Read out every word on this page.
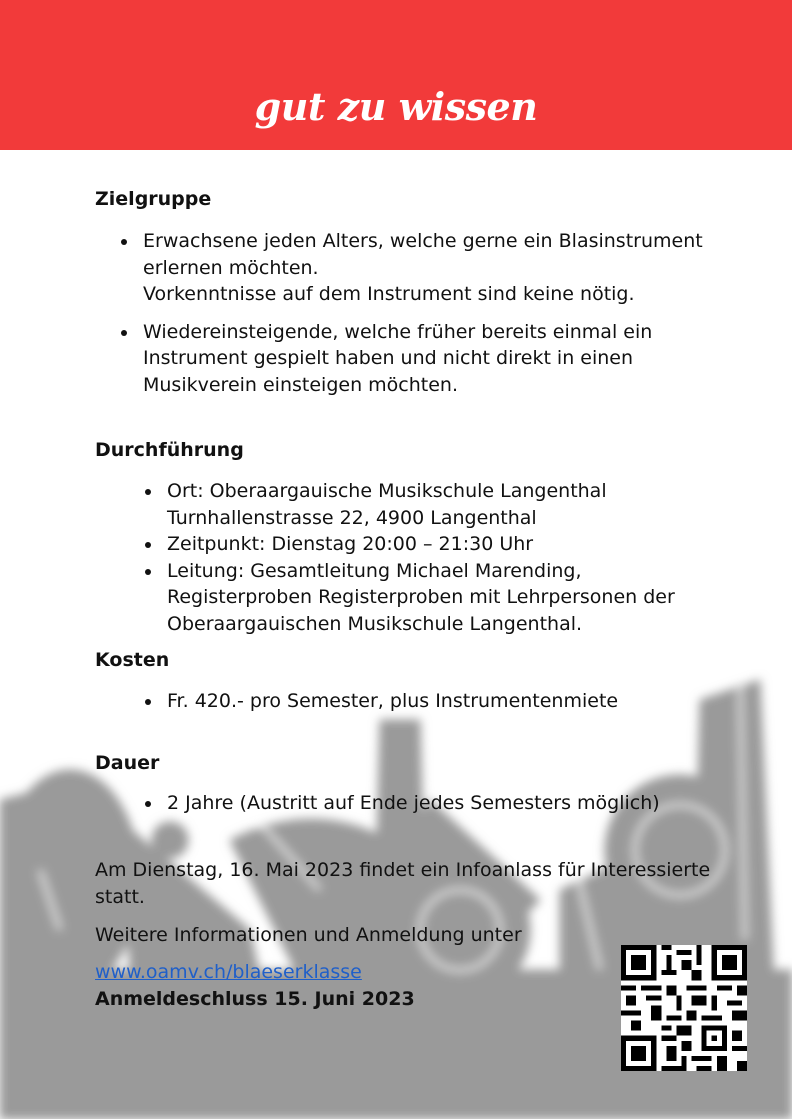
gut zu wissen

Zielgruppe

Erwachsene jeden Alters, welche gerne ein Blasinstrument
erlernen möchten.
Vorkenntnisse auf dem Instrument sind keine nötig.
Wiedereinsteigende, welche früher bereits einmal ein
Instrument gespielt haben und nicht direkt in einen
Musikverein einsteigen möchten.

Durchführung

Ort: Oberaargauische Musikschule Langenthal
Turnhallenstrasse 22, 4900 Langenthal
Zeitpunkt: Dienstag 20:00 – 21:30 Uhr
Leitung: Gesamtleitung Michael Marending,
Registerproben Registerproben mit Lehrpersonen der
Oberaargauischen Musikschule Langenthal.

Kosten

Fr. 420.- pro Semester, plus Instrumentenmiete

Dauer

2 Jahre (Austritt auf Ende jedes Semesters möglich)

Am Dienstag, 16. Mai 2023 findet ein Infoanlass für Interessierte
statt.

Weitere Informationen und Anmeldung unter

www.oamv.ch/blaeserklasse
Anmeldeschluss 15. Juni 2023
